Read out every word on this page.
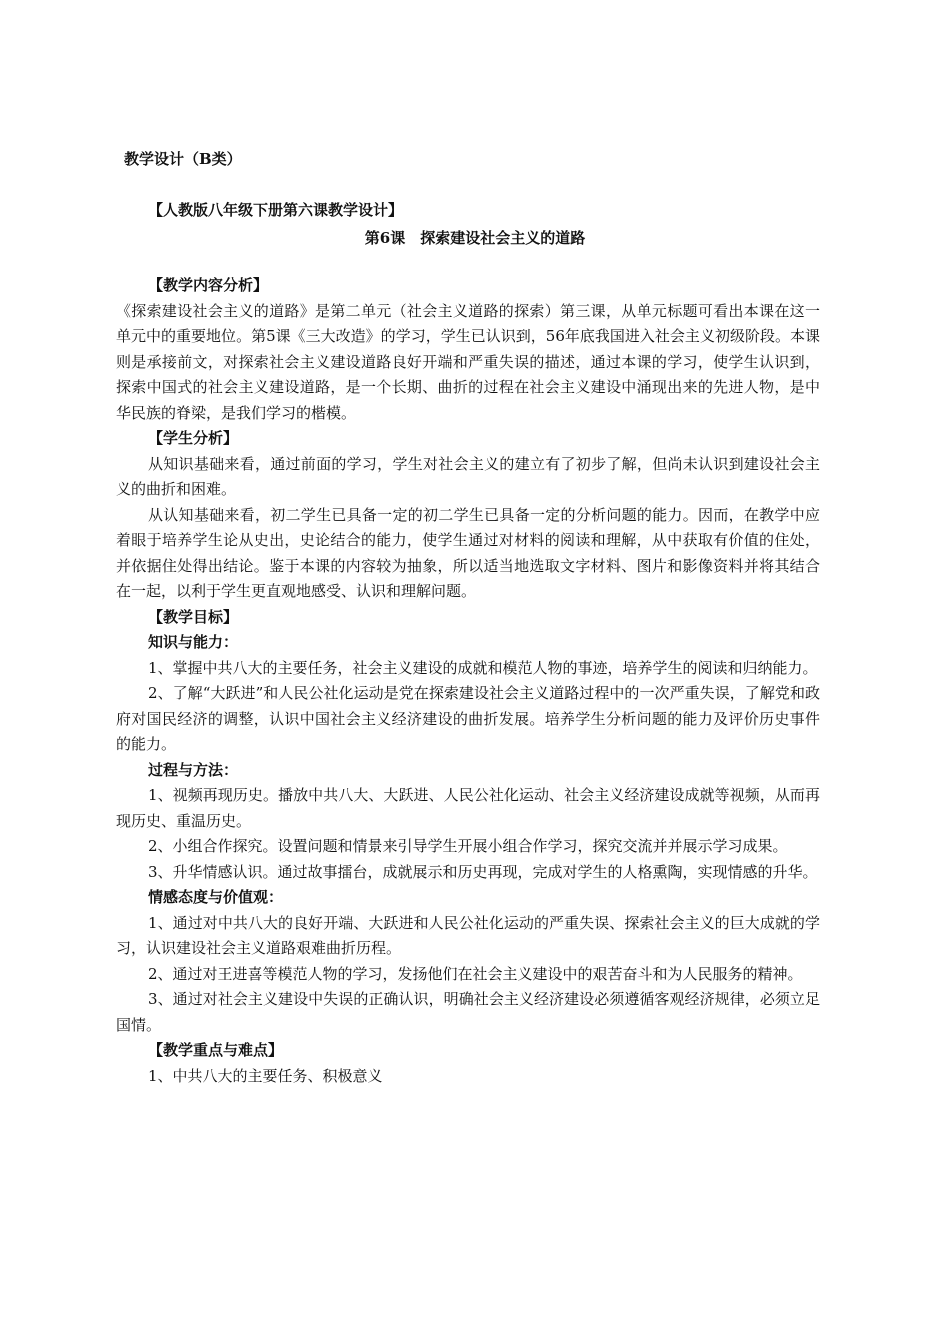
教学设计（B类）
【人教版八年级下册第六课教学设计】
第6课　探索建设社会主义的道路

【教学内容分析】

《探索建设社会主义的道路》是第二单元（社会主义道路的探索）第三课，从单元标题可看出本课在这一单元中的重要地位。第5课《三大改造》的学习，学生已认识到，56年底我国进入社会主义初级阶段。本课则是承接前文，对探索社会主义建设道路良好开端和严重失误的描述，通过本课的学习，使学生认识到，探索中国式的社会主义建设道路，是一个长期、曲折的过程在社会主义建设中涌现出来的先进人物，是中华民族的脊梁，是我们学习的楷模。

【学生分析】

从知识基础来看，通过前面的学习，学生对社会主义的建立有了初步了解，但尚未认识到建设社会主义的曲折和困难。

从认知基础来看，初二学生已具备一定的初二学生已具备一定的分析问题的能力。因而，在教学中应着眼于培养学生论从史出，史论结合的能力，使学生通过对材料的阅读和理解，从中获取有价值的住处，并依据住处得出结论。鉴于本课的内容较为抽象，所以适当地选取文字材料、图片和影像资料并将其结合在一起，以利于学生更直观地感受、认识和理解问题。

【教学目标】

知识与能力：

1、掌握中共八大的主要任务，社会主义建设的成就和模范人物的事迹，培养学生的阅读和归纳能力。

2、了解“大跃进”和人民公社化运动是党在探索建设社会主义道路过程中的一次严重失误，了解党和政府对国民经济的调整，认识中国社会主义经济建设的曲折发展。培养学生分析问题的能力及评价历史事件的能力。

过程与方法：

1、视频再现历史。播放中共八大、大跃进、人民公社化运动、社会主义经济建设成就等视频，从而再现历史、重温历史。

2、小组合作探究。设置问题和情景来引导学生开展小组合作学习，探究交流并并展示学习成果。

3、升华情感认识。通过故事擂台，成就展示和历史再现，完成对学生的人格熏陶，实现情感的升华。

情感态度与价值观：

1、通过对中共八大的良好开端、大跃进和人民公社化运动的严重失误、探索社会主义的巨大成就的学习，认识建设社会主义道路艰难曲折历程。

2、通过对王进喜等模范人物的学习，发扬他们在社会主义建设中的艰苦奋斗和为人民服务的精神。

3、通过对社会主义建设中失误的正确认识，明确社会主义经济建设必须遵循客观经济规律，必须立足国情。

【教学重点与难点】

1、中共八大的主要任务、积极意义
